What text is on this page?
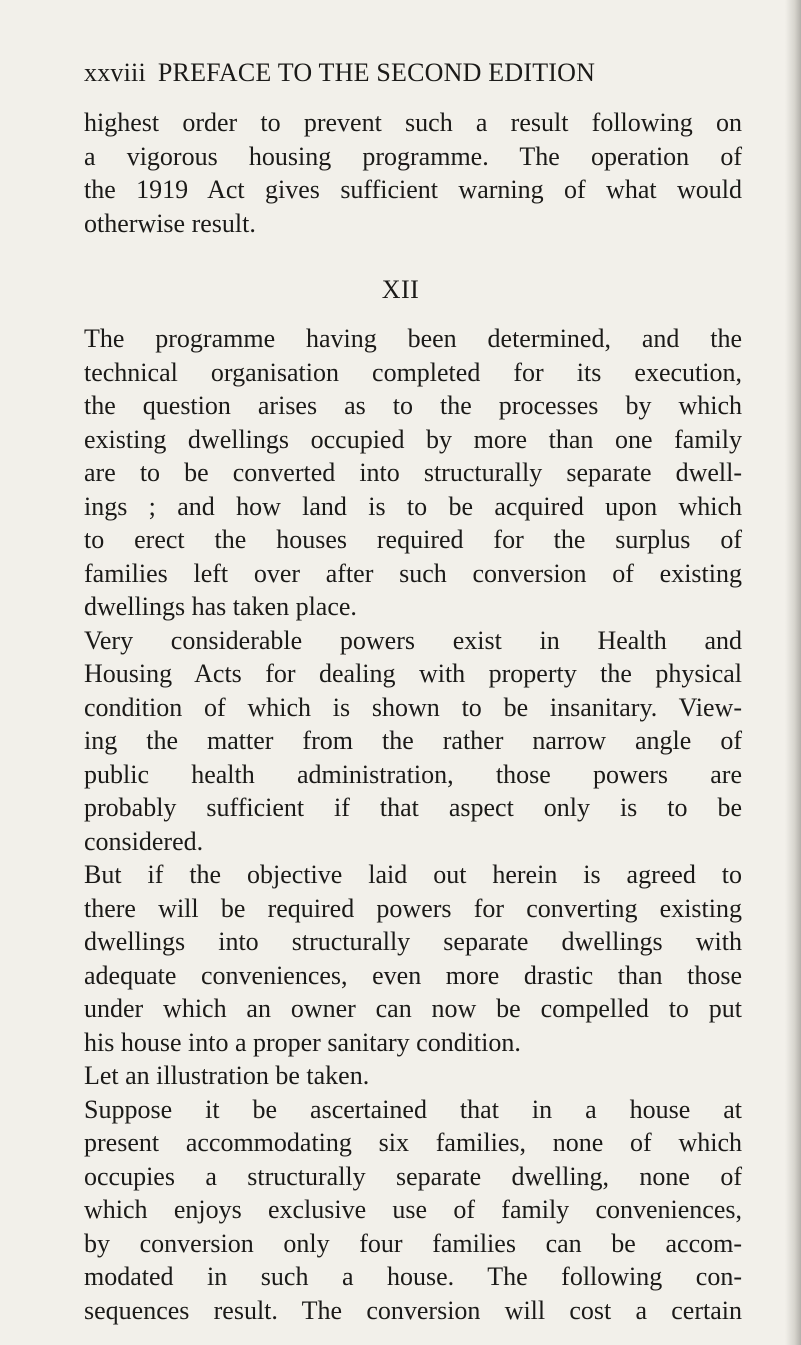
xxviii PREFACE TO THE SECOND EDITION
highest order to prevent such a result following on
a vigorous housing programme. The operation of
the 1919 Act gives sufficient warning of what would
otherwise result.
XII
The programme having been determined, and the
technical organisation completed for its execution,
the question arises as to the processes by which
existing dwellings occupied by more than one family
are to be converted into structurally separate dwell-
ings ; and how land is to be acquired upon which
to erect the houses required for the surplus of
families left over after such conversion of existing
dwellings has taken place.
Very considerable powers exist in Health and
Housing Acts for dealing with property the physical
condition of which is shown to be insanitary. View-
ing the matter from the rather narrow angle of
public health administration, those powers are
probably sufficient if that aspect only is to be
considered.
But if the objective laid out herein is agreed to
there will be required powers for converting existing
dwellings into structurally separate dwellings with
adequate conveniences, even more drastic than those
under which an owner can now be compelled to put
his house into a proper sanitary condition.
Let an illustration be taken.
Suppose it be ascertained that in a house at
present accommodating six families, none of which
occupies a structurally separate dwelling, none of
which enjoys exclusive use of family conveniences,
by conversion only four families can be accom-
modated in such a house. The following con-
sequences result. The conversion will cost a certain
